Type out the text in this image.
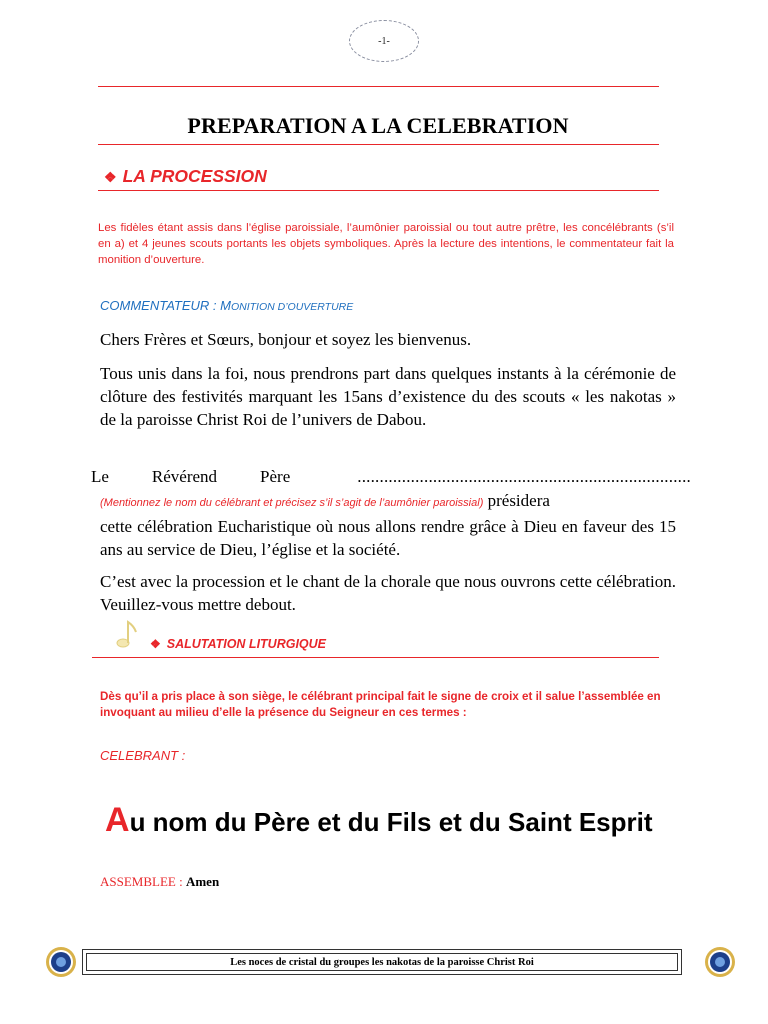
-1-
PREPARATION A LA CELEBRATION
❖ LA PROCESSION

Les fidèles étant assis dans l’église paroissiale, l’aumônier paroissial ou tout autre prêtre, les concélébrants (s’il en a) et 4 jeunes scouts portants les objets symboliques. Après la lecture des intentions, le commentateur fait la monition d’ouverture.

COMMENTATEUR : MONITION D’OUVERTURE

Chers Frères et Sœurs, bonjour et soyez les bienvenus.

Tous unis dans la foi, nous prendrons part dans quelques instants à la cérémonie de clôture des festivités marquant les 15ans d’existence du des scouts « les nakotas » de la paroisse Christ Roi de l’univers de Dabou.

Le	Révérend	Père	...........................................................................

(Mentionnez le nom du célébrant et précisez s’il s’agit de l’aumônier paroissial) présidera
cette célébration Eucharistique où nous allons rendre grâce à Dieu en faveur des 15 ans au service de Dieu, l’église et la société.

C’est avec la procession et le chant de la chorale que nous ouvrons cette célébration. Veuillez-vous mettre debout.

❖ SALUTATION LITURGIQUE
Dès qu’il a pris place à son siège, le célébrant principal fait le signe de croix et il salue l’assemblée en invoquant au milieu d’elle la présence du Seigneur en ces termes :
CELEBRANT :
Au nom du Père et du Fils et du Saint Esprit
ASSEMBLEE : Amen
Les noces de cristal du groupes les nakotas de la paroisse Christ Roi
